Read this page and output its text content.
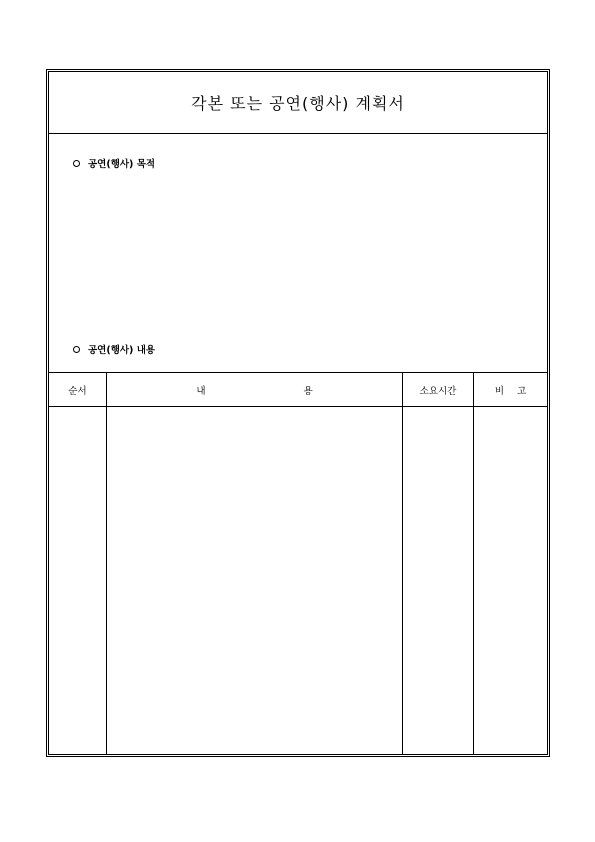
각본 또는 공연(행사) 계획서
공연(행사) 목적
공연(행사) 내용
순서	내 용	소요시간	비 고
